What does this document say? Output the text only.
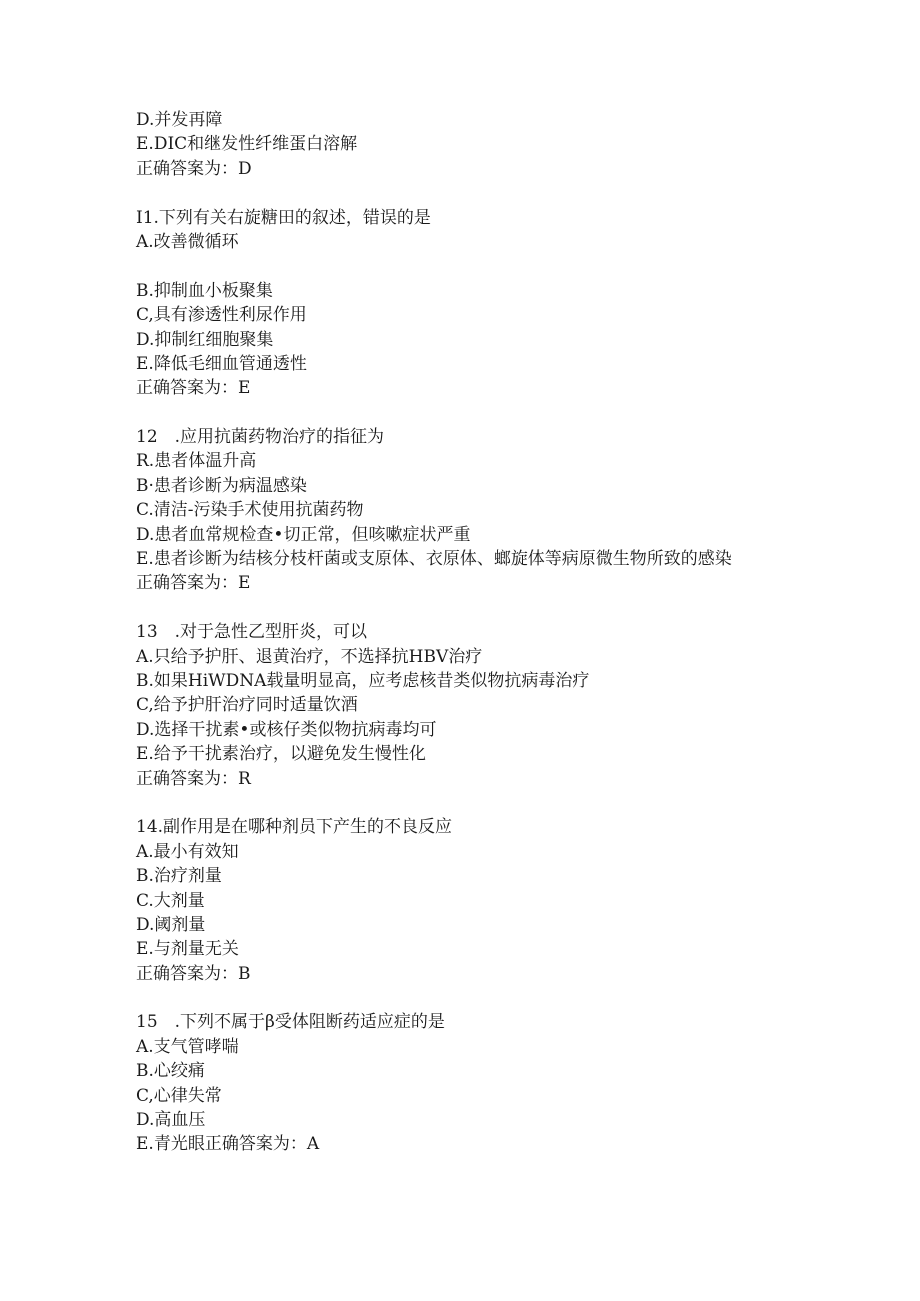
D.并发再障
E.DIC和继发性纤维蛋白溶解
正确答案为：D
I1.下列有关右旋糖田的叙述，错误的是
A.改善微循环
B.抑制血小板聚集
C,具有渗透性利尿作用
D.抑制红细胞聚集
E.降低毛细血管通透性
正确答案为：E
12　.应用抗菌药物治疗的指征为
R.患者体温升高
B·患者诊断为病温感染
C.清洁-污染手术使用抗菌药物
D.患者血常规检查•切正常，但咳嗽症状严重
E.患者诊断为结核分枝杆菌或支原体、衣原体、螂旋体等病原微生物所致的感染
正确答案为：E
13　.对于急性乙型肝炎，可以
A.只给予护肝、退黄治疗，不选择抗HBV治疗
B.如果HiWDNA载量明显高，应考虑核昔类似物抗病毒治疗
C,给予护肝治疗同时适量饮酒
D.选择干扰素•或核仔类似物抗病毒均可
E.给予干扰素治疗，以避免发生慢性化
正确答案为：R
14.副作用是在哪种剂员下产生的不良反应
A.最小有效知
B.治疗剂量
C.大剂量
D.阈剂量
E.与剂量无关
正确答案为：B
15　.下列不属于β受体阻断药适应症的是
A.支气管哮喘
B.心绞痛
C,心律失常
D.高血压
E.青光眼正确答案为：A
